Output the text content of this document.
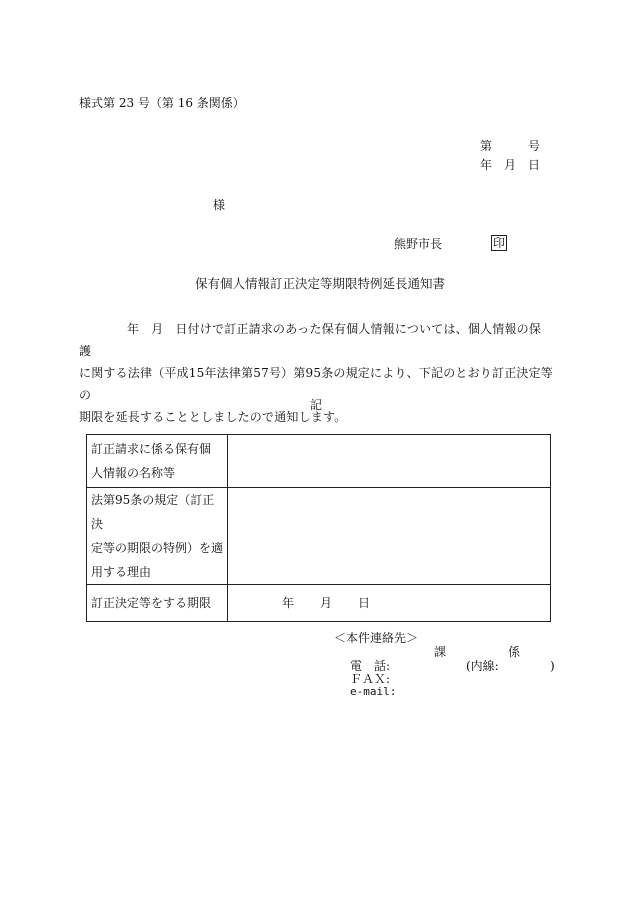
様式第 23 号（第 16 条関係）
第	号
年 月 日
様
熊野市長	印
保有個人情報訂正決定等期限特例延長通知書
年 月 日付けで訂正請求のあった保有個人情報については、個人情報の保護
に関する法律（平成15年法律第57号）第95条の規定により、下記のとおり訂正決定等の
期限を延長することとしましたので通知します。
記
訂正請求に係る保有個
人情報の名称等	

法第95条の規定（訂正決
定等の期限の特例）を適
用する理由	

訂正決定等をする期限	年 月 日
＜本件連絡先＞
課	係
電　話:	(内線:	)
ＦＡＸ:
e-mail:
